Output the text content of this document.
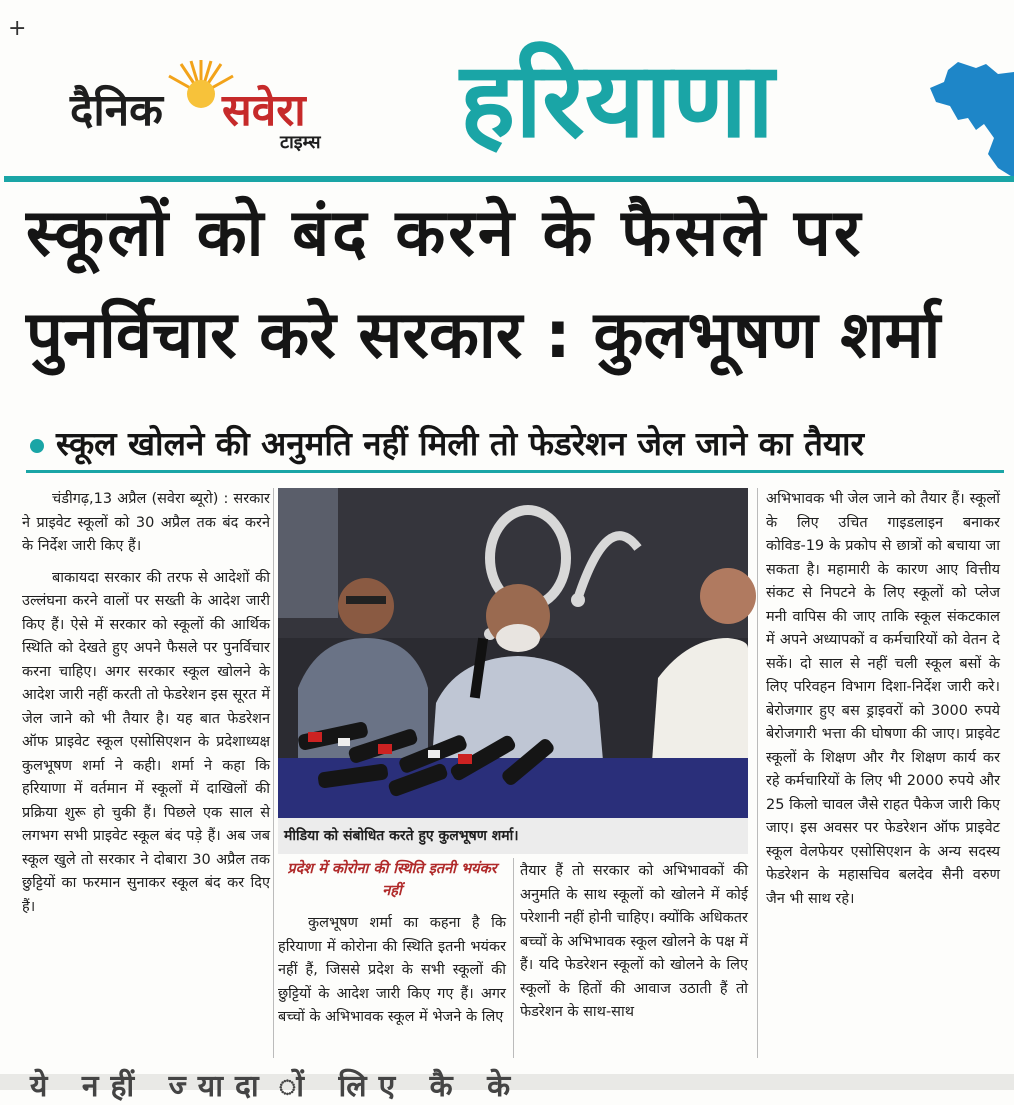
+
दैनिक सवेरा
टाइम्स हरियाणा
स्कूलों को बंद करने के फैसले पर
पुनर्विचार करे सरकार : कुलभूषण शर्मा
स्कूल खोलने की अनुमति नहीं मिली तो फेडरेशन जेल जाने का तैयार

चंडीगढ़,13 अप्रैल (सवेरा ब्यूरो) : सरकार ने प्राइवेट स्कूलों को 30 अप्रैल तक बंद करने के निर्देश जारी किए हैं।

बाकायदा सरकार की तरफ से आदेशों की उल्लंघना करने वालों पर सख्ती के आदेश जारी किए हैं। ऐसे में सरकार को स्कूलों की आर्थिक स्थिति को देखते हुए अपने फैसले पर पुनर्विचार करना चाहिए। अगर सरकार स्कूल खोलने के आदेश जारी नहीं करती तो फेडरेशन इस सूरत में जेल जाने को भी तैयार है। यह बात फेडरेशन ऑफ प्राइवेट स्कूल एसोसिएशन के प्रदेशाध्यक्ष कुलभूषण शर्मा ने कही। शर्मा ने कहा कि हरियाणा में वर्तमान में स्कूलों में दाखिलों की प्रक्रिया शुरू हो चुकी हैं। पिछले एक साल से लगभग सभी प्राइवेट स्कूल बंद पड़े हैं। अब जब स्कूल खुले तो सरकार ने दोबारा 30 अप्रैल तक छुट्टियों का फरमान सुनाकर स्कूल बंद कर दिए हैं।

मीडिया को संबोधित करते हुए कुलभूषण शर्मा।
प्रदेश में कोरोना की स्थिति इतनी भयंकर नहीं

कुलभूषण शर्मा का कहना है कि हरियाणा में कोरोना की स्थिति इतनी भयंकर नहीं हैं, जिससे प्रदेश के सभी स्कूलों की छुट्टियों के आदेश जारी किए गए हैं। अगर बच्चों के अभिभावक स्कूल में भेजने के लिए

तैयार हैं तो सरकार को अभिभावकों की अनुमति के साथ स्कूलों को खोलने में कोई परेशानी नहीं होनी चाहिए। क्योंकि अधिकतर बच्चों के अभिभावक स्कूल खोलने के पक्ष में हैं। यदि फेडरेशन स्कूलों को खोलने के लिए स्कूलों के हितों की आवाज उठाती हैं तो फेडरेशन के साथ-साथ

अभिभावक भी जेल जाने को तैयार हैं। स्कूलों के लिए उचित गाइडलाइन बनाकर कोविड-19 के प्रकोप से छात्रों को बचाया जा सकता है। महामारी के कारण आए वित्तीय संकट से निपटने के लिए स्कूलों को प्लेज मनी वापिस की जाए ताकि स्कूल संकटकाल में अपने अध्यापकों व कर्मचारियों को वेतन दे सकें। दो साल से नहीं चली स्कूल बसों के लिए परिवहन विभाग दिशा-निर्देश जारी करे। बेरोजगार हुए बस ड्राइवरों को 3000 रुपये बेरोजगारी भत्ता की घोषणा की जाए। प्राइवेट स्कूलों के शिक्षण और गैर शिक्षण कार्य कर रहे कर्मचारियों के लिए भी 2000 रुपये और 25 किलो चावल जैसे राहत पैकेज जारी किए जाए। इस अवसर पर फेडरेशन ऑफ प्राइवेट स्कूल वेलफेयर एसोसिएशन के अन्य सदस्य फेडरेशन के महासचिव बलदेव सैनी वरुण जैन भी साथ रहे।

ये नहीं ज्यादा ों लिए कै के
